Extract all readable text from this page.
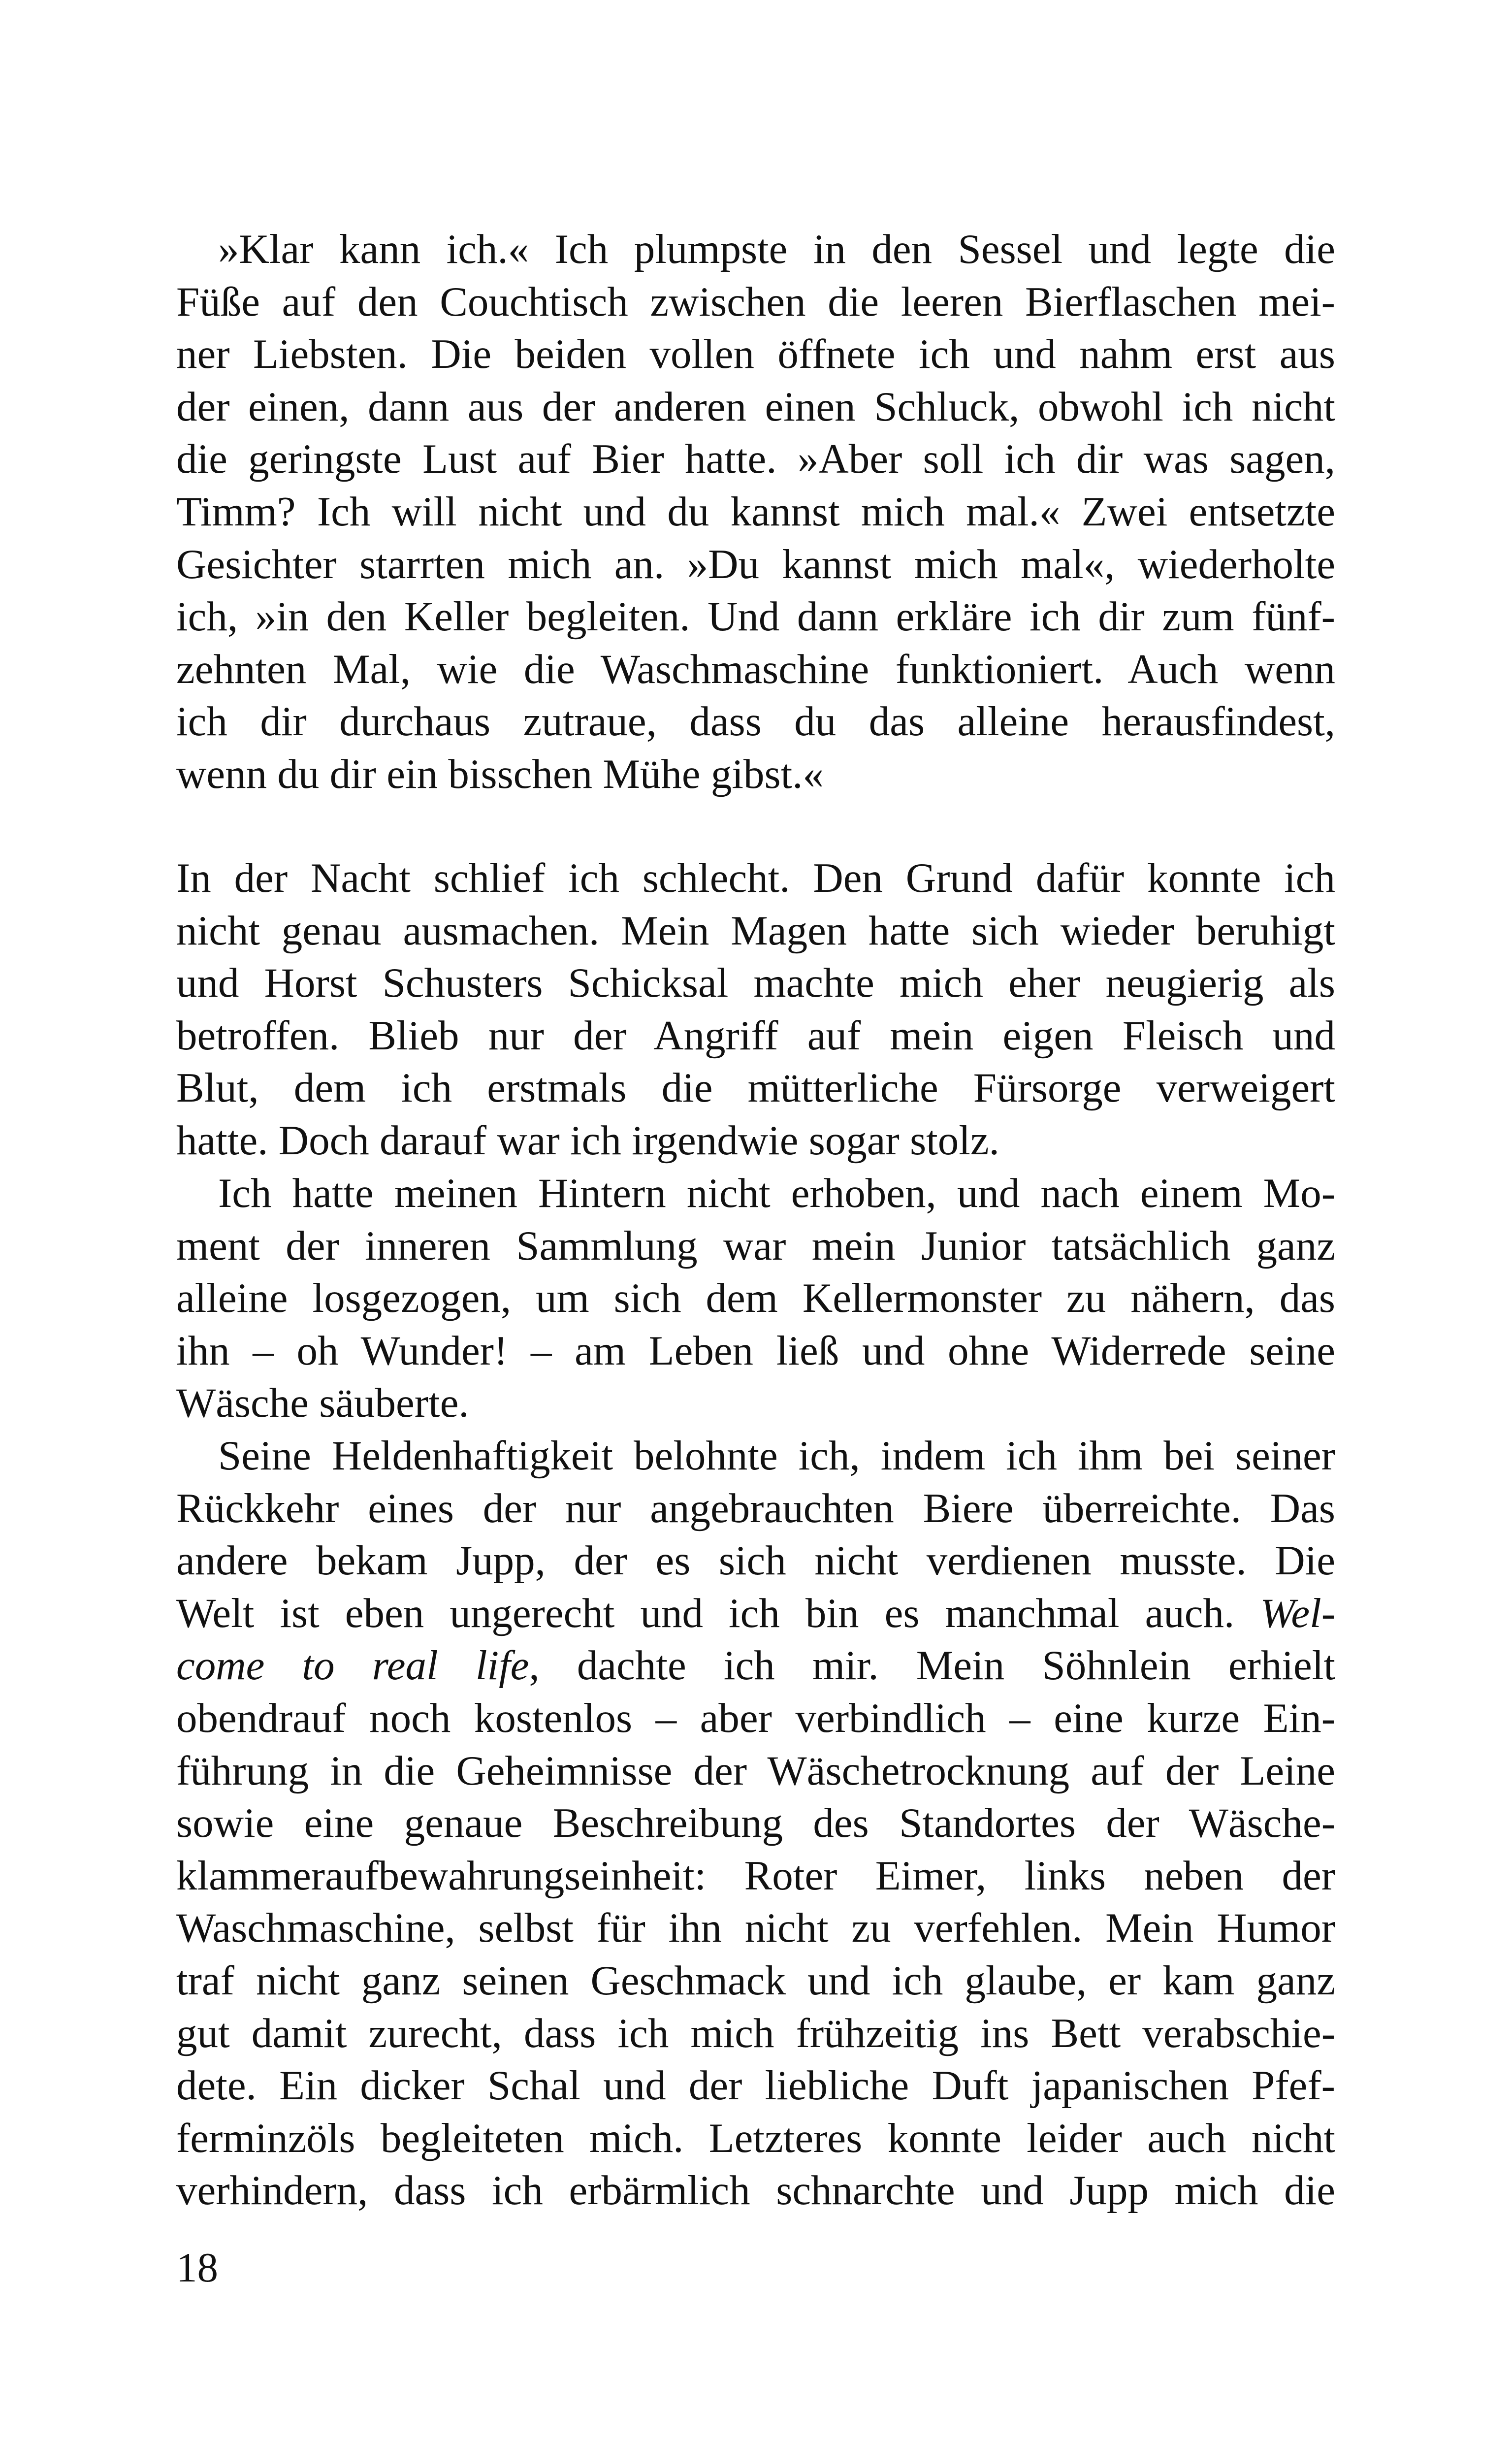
»Klar kann ich.« Ich plumpste in den Sessel und legte die
Füße auf den Couchtisch zwischen die leeren Bierflaschen mei-
ner Liebsten. Die beiden vollen öffnete ich und nahm erst aus
der einen, dann aus der anderen einen Schluck, obwohl ich nicht
die geringste Lust auf Bier hatte. »Aber soll ich dir was sagen,
Timm? Ich will nicht und du kannst mich mal.« Zwei entsetzte
Gesichter starrten mich an. »Du kannst mich mal«, wiederholte
ich, »in den Keller begleiten. Und dann erkläre ich dir zum fünf-
zehnten Mal, wie die Waschmaschine funktioniert. Auch wenn
ich dir durchaus zutraue, dass du das alleine herausfindest,
wenn du dir ein bisschen Mühe gibst.«
In der Nacht schlief ich schlecht. Den Grund dafür konnte ich
nicht genau ausmachen. Mein Magen hatte sich wieder beruhigt
und Horst Schusters Schicksal machte mich eher neugierig als
betroffen. Blieb nur der Angriff auf mein eigen Fleisch und
Blut, dem ich erstmals die mütterliche Fürsorge verweigert
hatte. Doch darauf war ich irgendwie sogar stolz.
Ich hatte meinen Hintern nicht erhoben, und nach einem Mo-
ment der inneren Sammlung war mein Junior tatsächlich ganz
alleine losgezogen, um sich dem Kellermonster zu nähern, das
ihn – oh Wunder! – am Leben ließ und ohne Widerrede seine
Wäsche säuberte.
Seine Heldenhaftigkeit belohnte ich, indem ich ihm bei seiner
Rückkehr eines der nur angebrauchten Biere überreichte. Das
andere bekam Jupp, der es sich nicht verdienen musste. Die
Welt ist eben ungerecht und ich bin es manchmal auch. Wel-
come to real life, dachte ich mir. Mein Söhnlein erhielt
obendrauf noch kostenlos – aber verbindlich – eine kurze Ein-
führung in die Geheimnisse der Wäschetrocknung auf der Leine
sowie eine genaue Beschreibung des Standortes der Wäsche-
klammeraufbewahrungseinheit: Roter Eimer, links neben der
Waschmaschine, selbst für ihn nicht zu verfehlen. Mein Humor
traf nicht ganz seinen Geschmack und ich glaube, er kam ganz
gut damit zurecht, dass ich mich frühzeitig ins Bett verabschie-
dete. Ein dicker Schal und der liebliche Duft japanischen Pfef-
ferminzöls begleiteten mich. Letzteres konnte leider auch nicht
verhindern, dass ich erbärmlich schnarchte und Jupp mich die
18
